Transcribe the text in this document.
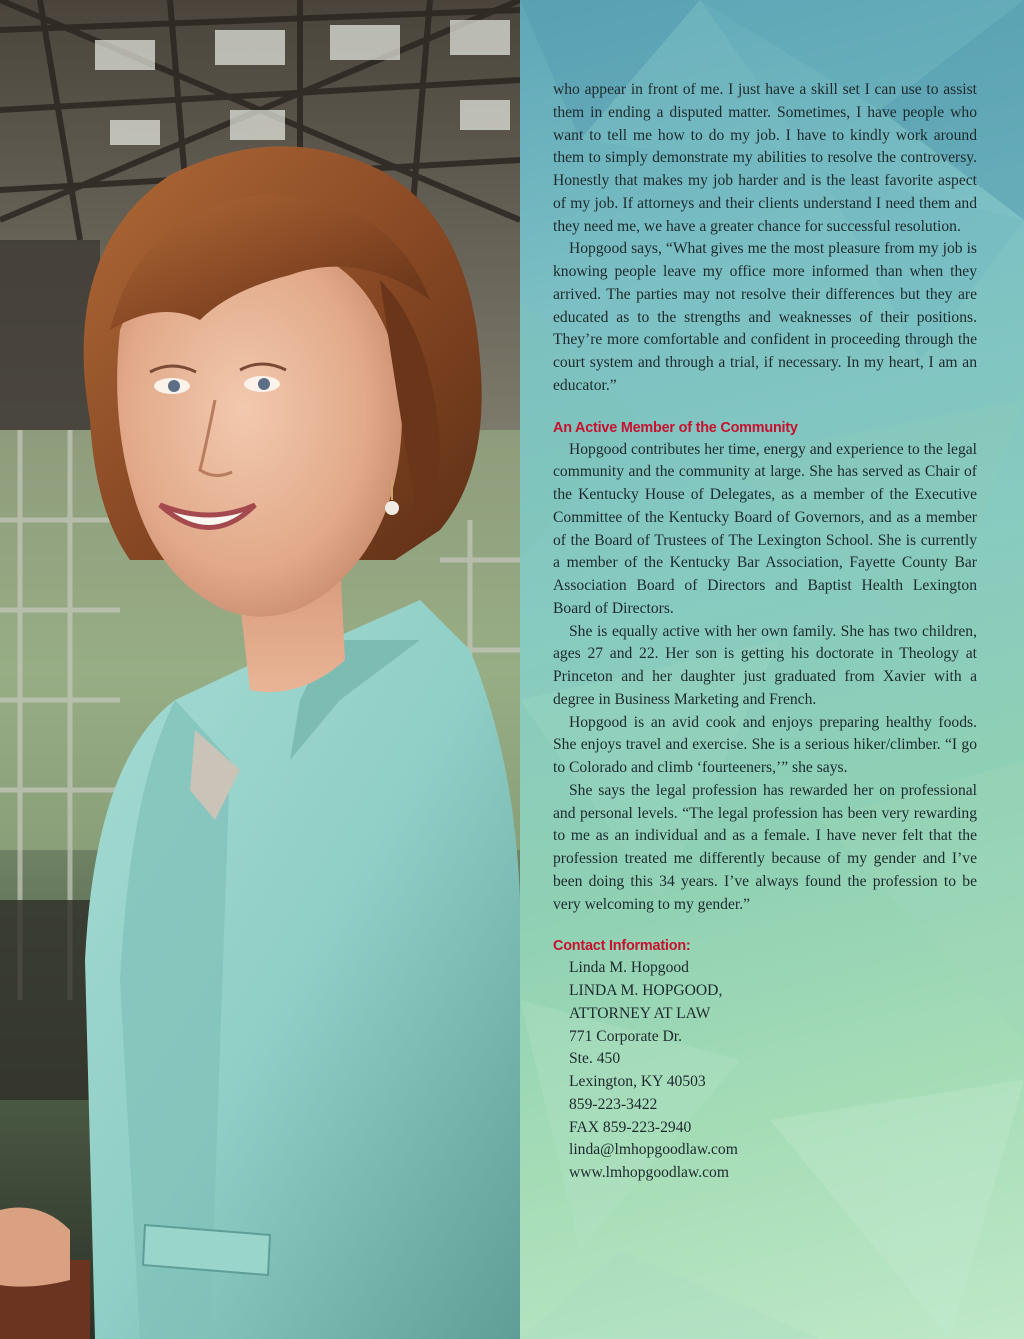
who appear in front of me. I just have a skill set I can use to assist them in ending a disputed matter. Sometimes, I have people who want to tell me how to do my job. I have to kindly work around them to simply demonstrate my abilities to resolve the controversy. Honestly that makes my job harder and is the least favorite aspect of my job. If attorneys and their clients understand I need them and they need me, we have a greater chance for successful resolution.

Hopgood says, “What gives me the most pleasure from my job is knowing people leave my office more informed than when they arrived. The parties may not resolve their differences but they are educated as to the strengths and weaknesses of their positions. They’re more comfortable and confident in proceeding through the court system and through a trial, if necessary. In my heart, I am an educator.”

An Active Member of the Community

Hopgood contributes her time, energy and experience to the legal community and the community at large. She has served as Chair of the Kentucky House of Delegates, as a member of the Executive Committee of the Kentucky Board of Governors, and as a member of the Board of Trustees of The Lexington School. She is currently a member of the Kentucky Bar Association, Fayette County Bar Association Board of Directors and Baptist Health Lexington Board of Directors.

She is equally active with her own family. She has two children, ages 27 and 22. Her son is getting his doctorate in Theology at Princeton and her daughter just graduated from Xavier with a degree in Business Marketing and French.

Hopgood is an avid cook and enjoys preparing healthy foods. She enjoys travel and exercise. She is a serious hiker/climber. “I go to Colorado and climb ‘fourteeners,’” she says.

She says the legal profession has rewarded her on professional and personal levels. “The legal profession has been very rewarding to me as an individual and as a female. I have never felt that the profession treated me differently because of my gender and I’ve been doing this 34 years. I’ve always found the profession to be very welcoming to my gender.”

Contact Information:
Linda M. Hopgood
LINDA M. HOPGOOD,
ATTORNEY AT LAW
771 Corporate Dr.
Ste. 450
Lexington, KY 40503
859-223-3422
FAX 859-223-2940
linda@lmhopgoodlaw.com
www.lmhopgoodlaw.com
